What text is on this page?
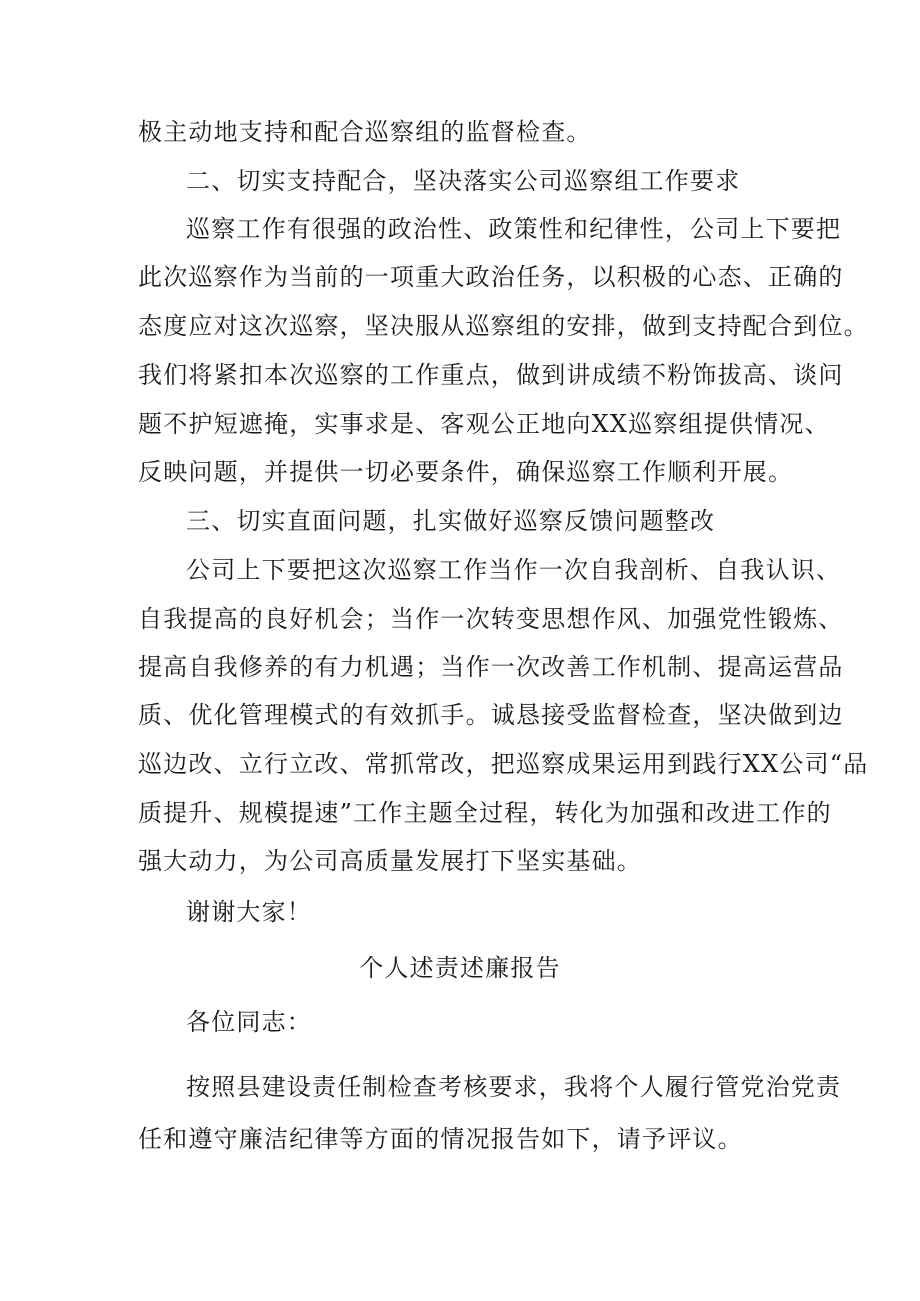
极主动地支持和配合巡察组的监督检查。
二、切实支持配合，坚决落实公司巡察组工作要求
巡察工作有很强的政治性、政策性和纪律性，公司上下要把
此次巡察作为当前的一项重大政治任务，以积极的心态、正确的
态度应对这次巡察，坚决服从巡察组的安排，做到支持配合到位。
我们将紧扣本次巡察的工作重点，做到讲成绩不粉饰拔高、谈问
题不护短遮掩，实事求是、客观公正地向XX巡察组提供情况、
反映问题，并提供一切必要条件，确保巡察工作顺利开展。
三、切实直面问题，扎实做好巡察反馈问题整改
公司上下要把这次巡察工作当作一次自我剖析、自我认识、
自我提高的良好机会；当作一次转变思想作风、加强党性锻炼、
提高自我修养的有力机遇；当作一次改善工作机制、提高运营品
质、优化管理模式的有效抓手。诚恳接受监督检查，坚决做到边
巡边改、立行立改、常抓常改，把巡察成果运用到践行XX公司“品
质提升、规模提速”工作主题全过程，转化为加强和改进工作的
强大动力，为公司高质量发展打下坚实基础。
谢谢大家！
个人述责述廉报告
各位同志：
按照县建设责任制检查考核要求，我将个人履行管党治党责
任和遵守廉洁纪律等方面的情况报告如下，请予评议。
